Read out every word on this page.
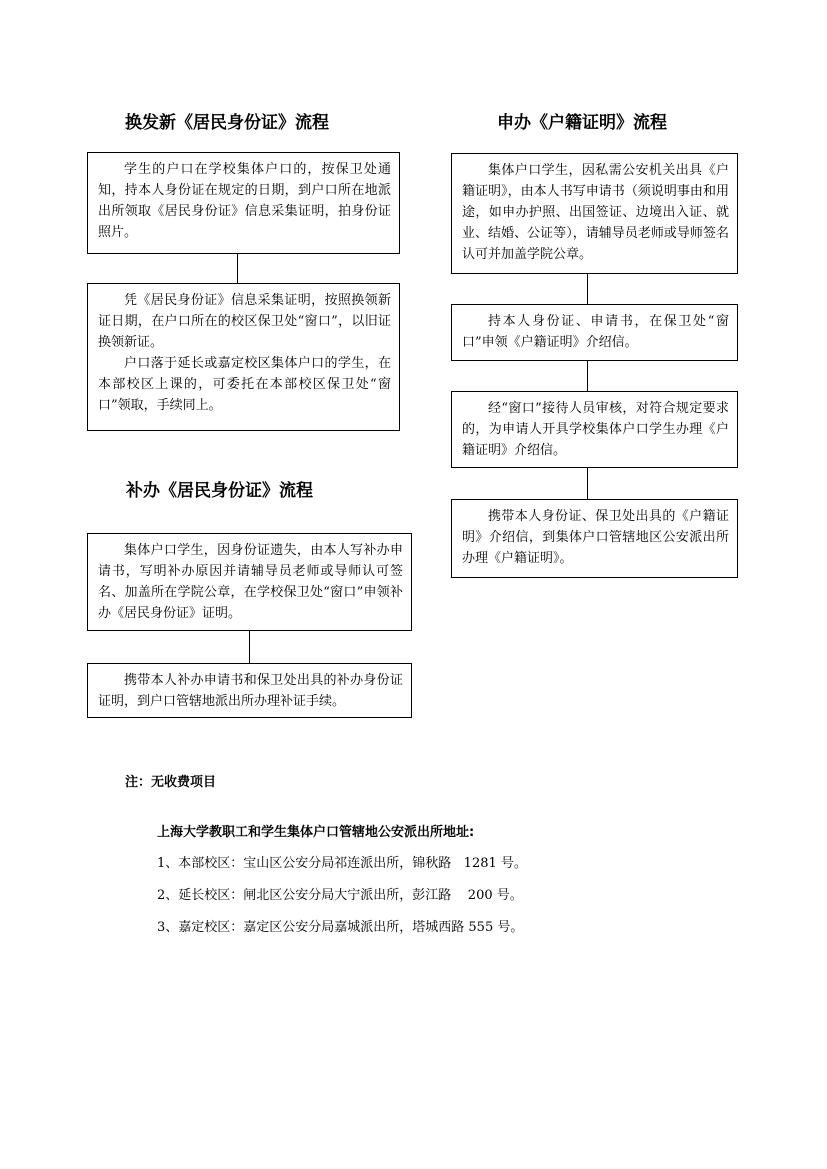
换发新《居民身份证》流程	申办《户籍证明》流程
补办《居民身份证》流程

学生的户口在学校集体户口的，按保卫处通知，持本人身份证在规定的日期，到户口所在地派出所领取《居民身份证》信息采集证明，拍身份证照片。

凭《居民身份证》信息采集证明，按照换领新证日期，在户口所在的校区保卫处“窗口”，以旧证换领新证。

户口落于延长或嘉定校区集体户口的学生，在本部校区上课的，可委托在本部校区保卫处“窗口”领取，手续同上。

集体户口学生，因身份证遗失，由本人写补办申请书，写明补办原因并请辅导员老师或导师认可签名、加盖所在学院公章，在学校保卫处“窗口”申领补办《居民身份证》证明。

携带本人补办申请书和保卫处出具的补办身份证证明，到户口管辖地派出所办理补证手续。

集体户口学生，因私需公安机关出具《户籍证明》，由本人书写申请书（须说明事由和用途，如申办护照、出国签证、边境出入证、就业、结婚、公证等），请辅导员老师或导师签名认可并加盖学院公章。

持本人身份证、申请书，在保卫处“窗口”申领《户籍证明》介绍信。

经“窗口”接待人员审核，对符合规定要求的，为申请人开具学校集体户口学生办理《户籍证明》介绍信。

携带本人身份证、保卫处出具的《户籍证明》介绍信，到集体户口管辖地区公安派出所办理《户籍证明》。

注：无收费项目
上海大学教职工和学生集体户口管辖地公安派出所地址:
1、本部校区：宝山区公安分局祁连派出所，锦秋路   1281 号。
2、延长校区：闸北区公安分局大宁派出所，彭江路    200 号。
3、嘉定校区：嘉定区公安分局嘉城派出所，塔城西路 555 号。
